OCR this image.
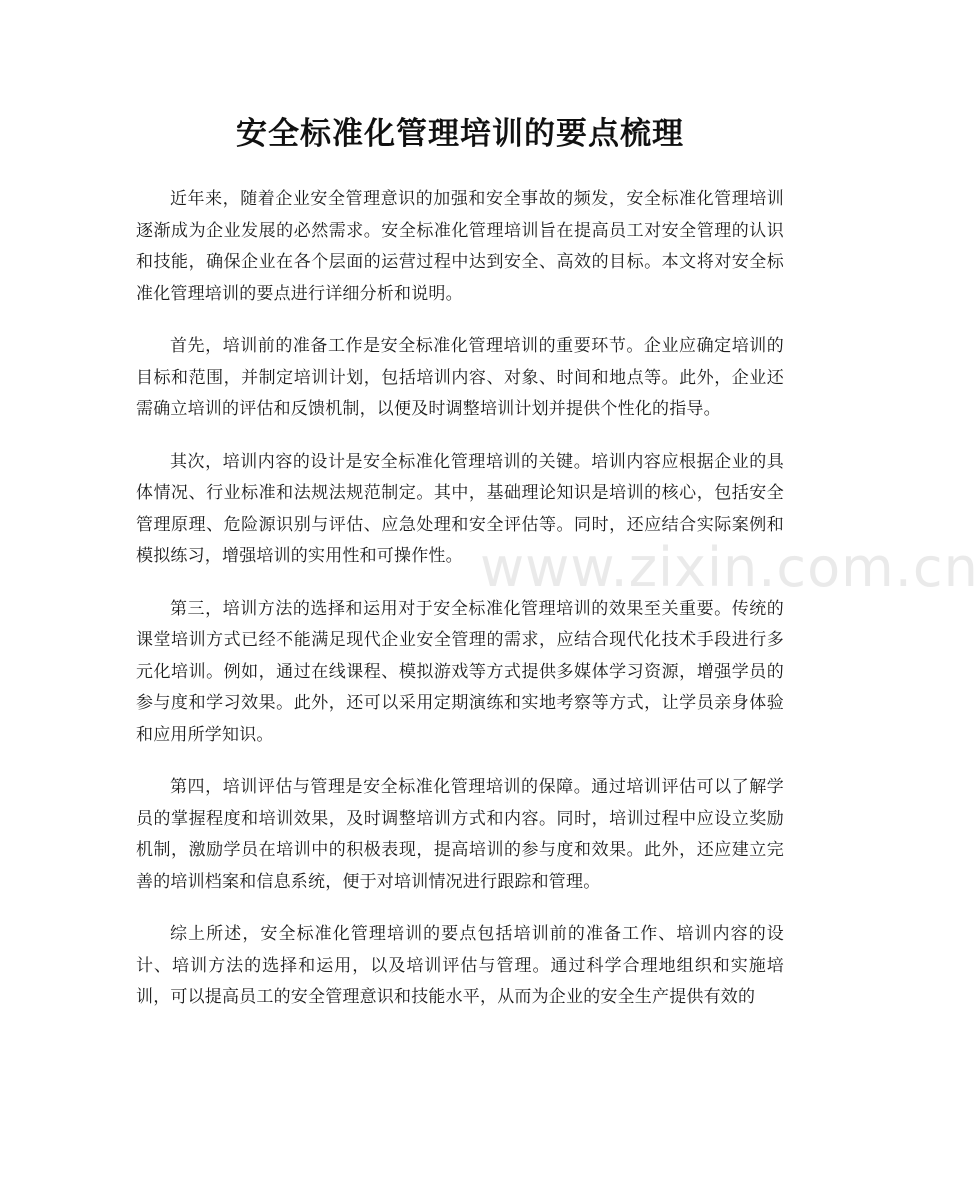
安全标准化管理培训的要点梳理

近年来，随着企业安全管理意识的加强和安全事故的频发，安全标准化管理培训逐渐成为企业发展的必然需求。安全标准化管理培训旨在提高员工对安全管理的认识和技能，确保企业在各个层面的运营过程中达到安全、高效的目标。本文将对安全标准化管理培训的要点进行详细分析和说明。

首先，培训前的准备工作是安全标准化管理培训的重要环节。企业应确定培训的目标和范围，并制定培训计划，包括培训内容、对象、时间和地点等。此外，企业还需确立培训的评估和反馈机制，以便及时调整培训计划并提供个性化的指导。

其次，培训内容的设计是安全标准化管理培训的关键。培训内容应根据企业的具体情况、行业标准和法规法规范制定。其中，基础理论知识是培训的核心，包括安全管理原理、危险源识别与评估、应急处理和安全评估等。同时，还应结合实际案例和模拟练习，增强培训的实用性和可操作性。

第三，培训方法的选择和运用对于安全标准化管理培训的效果至关重要。传统的课堂培训方式已经不能满足现代企业安全管理的需求，应结合现代化技术手段进行多元化培训。例如，通过在线课程、模拟游戏等方式提供多媒体学习资源，增强学员的参与度和学习效果。此外，还可以采用定期演练和实地考察等方式，让学员亲身体验和应用所学知识。

第四，培训评估与管理是安全标准化管理培训的保障。通过培训评估可以了解学员的掌握程度和培训效果，及时调整培训方式和内容。同时，培训过程中应设立奖励机制，激励学员在培训中的积极表现，提高培训的参与度和效果。此外，还应建立完善的培训档案和信息系统，便于对培训情况进行跟踪和管理。

综上所述，安全标准化管理培训的要点包括培训前的准备工作、培训内容的设计、培训方法的选择和运用，以及培训评估与管理。通过科学合理地组织和实施培训，可以提高员工的安全管理意识和技能水平，从而为企业的安全生产提供有效的

www.zixin.com.cn
